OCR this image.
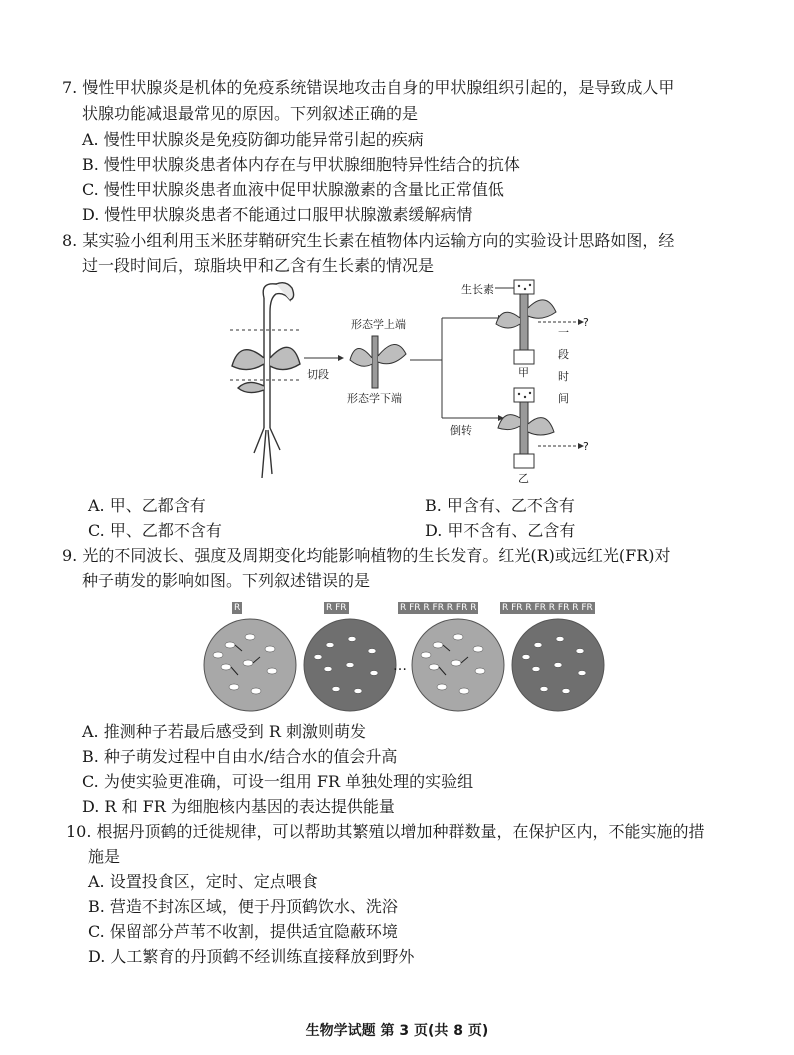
7. 慢性甲状腺炎是机体的免疫系统错误地攻击自身的甲状腺组织引起的，是导致成人甲
状腺功能减退最常见的原因。下列叙述正确的是
A. 慢性甲状腺炎是免疫防御功能异常引起的疾病
B. 慢性甲状腺炎患者体内存在与甲状腺细胞特异性结合的抗体
C. 慢性甲状腺炎患者血液中促甲状腺激素的含量比正常值低
D. 慢性甲状腺炎患者不能通过口服甲状腺激素缓解病情
8. 某实验小组利用玉米胚芽鞘研究生长素在植物体内运输方向的实验设计思路如图，经
过一段时间后，琼脂块甲和乙含有生长素的情况是
生长素
形态学上端
形态学下端
切段
倒转
甲
乙
?
?
一
段
时
间
A. 甲、乙都含有	B. 甲含有、乙不含有
C. 甲、乙都不含有	D. 甲不含有、乙含有
9. 光的不同波长、强度及周期变化均能影响植物的生长发育。红光(R)或远红光(FR)对
种子萌发的影响如图。下列叙述错误的是
R	R FR	R FR R FR R FR R	R FR R FR R FR R FR
…
A. 推测种子若最后感受到 R 刺激则萌发
B. 种子萌发过程中自由水/结合水的值会升高
C. 为使实验更准确，可设一组用 FR 单独处理的实验组
D. R 和 FR 为细胞核内基因的表达提供能量
10. 根据丹顶鹤的迁徙规律，可以帮助其繁殖以增加种群数量，在保护区内，不能实施的措
施是
A. 设置投食区，定时、定点喂食
B. 营造不封冻区域，便于丹顶鹤饮水、洗浴
C. 保留部分芦苇不收割，提供适宜隐蔽环境
D. 人工繁育的丹顶鹤不经训练直接释放到野外
生物学试题 第 3 页(共 8 页)
